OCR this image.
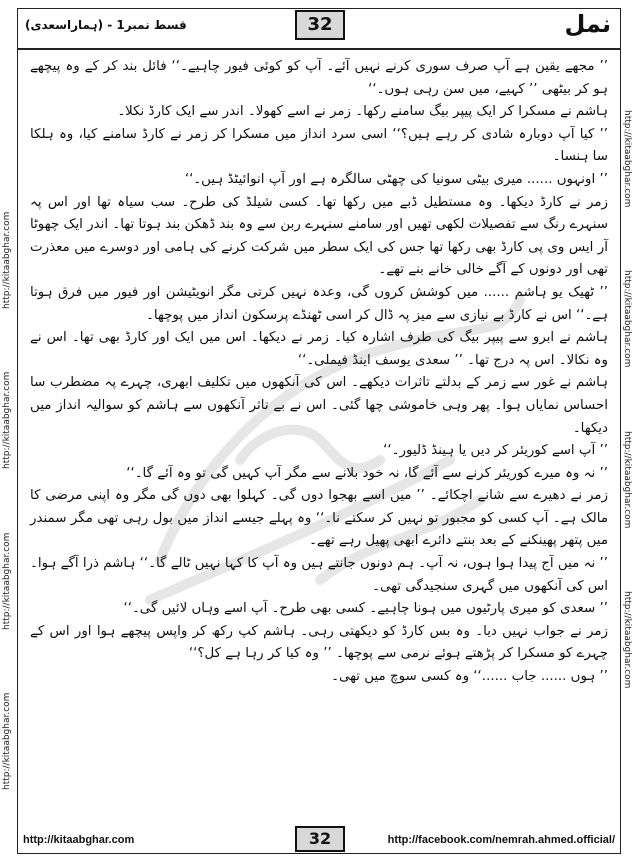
قسط نمبر1 - (ہماراسعدی)	32	نمل
http://kitaabghar.com http://kitaabghar.com http://kitaabghar.com http://kitaabghar.com
http://kitaabghar.com http://kitaabghar.com http://kitaabghar.com http://kitaabghar.com

’’ مجھے یقین ہے آپ صرف سوری کرنے نہیں آئے۔ آپ کو کوئی فیور چاہیے۔‘‘ فائل بند کر کے وہ پیچھے ہو کر بیٹھی ’’ کہیے، میں سن رہی ہوں۔‘‘

ہاشم نے مسکرا کر ایک پیپر بیگ سامنے رکھا۔ زمر نے اسے کھولا۔ اندر سے ایک کارڈ نکلا۔

’’ کیا آپ دوبارہ شادی کر رہے ہیں؟‘‘ اسی سرد انداز میں مسکرا کر زمر نے کارڈ سامنے کیا، وہ ہلکا سا ہنسا۔

’’ اونہوں ...... میری بیٹی سونیا کی چھٹی سالگرہ ہے اور آپ انوائیٹڈ ہیں۔‘‘

زمر نے کارڈ دیکھا۔ وہ مستطیل ڈبے میں رکھا تھا۔ کسی شیلڈ کی طرح۔ سب سیاہ تھا اور اس پہ سنہرے رنگ سے تفصیلات لکھی تھیں اور سامنے سنہرے ربن سے وہ بند ڈھکن بند ہوتا تھا۔ اندر ایک چھوٹا آر ایس وی پی کارڈ بھی رکھا تھا جس کی ایک سطر میں شرکت کرنے کی ہامی اور دوسرے میں معذرت تھی اور دونوں کے آگے خالی خانے بنے تھے۔

’’ ٹھیک یو ہاشم ...... میں کوشش کروں گی، وعدہ نہیں کرتی مگر انویٹیشن اور فیور میں فرق ہوتا ہے۔‘‘ اس نے کارڈ بے نیازی سے میز پہ ڈال کر اسی ٹھنڈے پرسکون انداز میں پوچھا۔

ہاشم نے ابرو سے پیپر بیگ کی طرف اشارہ کیا۔ زمر نے دیکھا۔ اس میں ایک اور کارڈ بھی تھا۔ اس نے وہ نکالا۔ اس پہ درج تھا۔ ’’ سعدی یوسف اینڈ فیملی۔‘‘

ہاشم نے غور سے زمر کے بدلتے تاثرات دیکھے۔ اس کی آنکھوں میں تکلیف ابھری، چہرے پہ مضطرب سا احساس نمایاں ہوا۔ پھر وہی خاموشی چھا گئی۔ اس نے بے تاثر آنکھوں سے ہاشم کو سوالیہ انداز میں دیکھا۔

’’ آپ اسے کوریئر کر دیں یا ہینڈ ڈلیور۔‘‘

’’ نہ وہ میرے کوریئر کرنے سے آئے گا، نہ خود بلانے سے مگر آپ کہیں گی تو وہ آئے گا۔‘‘

زمر نے دھیرے سے شانے اچکائے۔ ’’ میں اسے بھجوا دوں گی۔ کہلوا بھی دوں گی مگر وہ اپنی مرضی کا مالک ہے۔ آپ کسی کو مجبور تو نہیں کر سکتے نا۔‘‘ وہ پہلے جیسے انداز میں بول رہی تھی مگر سمندر میں پتھر پھینکنے کے بعد بنتے دائرے ابھی پھیل رہے تھے۔

’’ نہ میں آج پیدا ہوا ہوں، نہ آپ۔ ہم دونوں جانتے ہیں وہ آپ کا کہا نہیں ٹالے گا۔‘‘ ہاشم ذرا آگے ہوا۔ اس کی آنکھوں میں گہری سنجیدگی تھی۔

’’ سعدی کو میری پارٹیوں میں ہونا چاہیے۔ کسی بھی طرح۔ آپ اسے وہاں لائیں گی۔‘‘

زمر نے جواب نہیں دیا۔ وہ بس کارڈ کو دیکھتی رہی۔ ہاشم کپ رکھ کر واپس پیچھے ہوا اور اس کے چہرے کو مسکرا کر پڑھتے ہوئے نرمی سے پوچھا۔ ’’ وہ کیا کر رہا ہے کل؟‘‘

’’ ہوں ...... جاب ......‘‘ وہ کسی سوچ میں تھی۔

http://kitaabghar.com	32	http://facebook.com/nemrah.ahmed.official/
